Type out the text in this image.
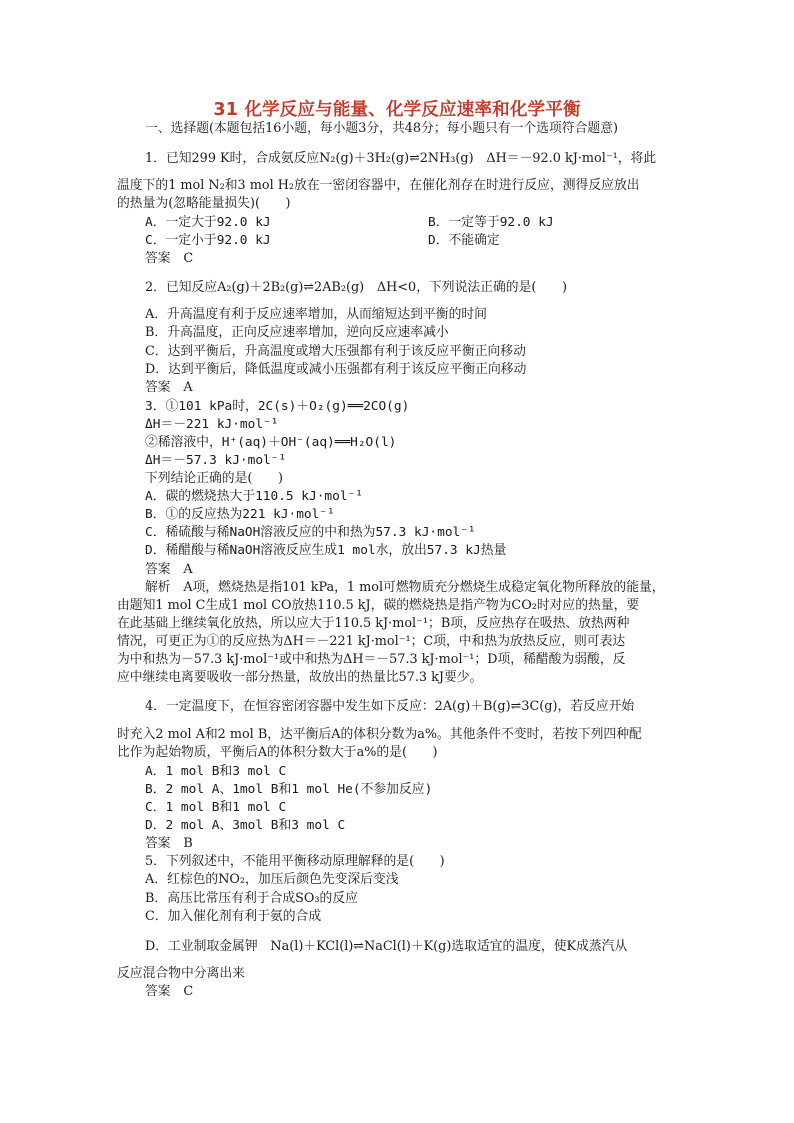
31 化学反应与能量、化学反应速率和化学平衡
一、选择题(本题包括16小题，每小题3分，共48分；每小题只有一个选项符合题意)
1．已知299 K时，合成氨反应N₂(g)＋3H₂(g)⇌2NH₃(g)　ΔH＝－92.0 kJ·mol⁻¹，将此
温度下的1 mol N₂和3 mol H₂放在一密闭容器中，在催化剂存在时进行反应，测得反应放出
的热量为(忽略能量损失)(　　)
A．一定大于92.0 kJ	B．一定等于92.0 kJ
C．一定小于92.0 kJ	D．不能确定
答案　C
2．已知反应A₂(g)＋2B₂(g)⇌2AB₂(g)　ΔH<0，下列说法正确的是(　　)
A．升高温度有利于反应速率增加，从而缩短达到平衡的时间
B．升高温度，正向反应速率增加，逆向反应速率减小
C．达到平衡后，升高温度或增大压强都有利于该反应平衡正向移动
D．达到平衡后，降低温度或减小压强都有利于该反应平衡正向移动
答案　A
3．①101 kPa时，2C(s)＋O₂(g)══2CO(g)
ΔH＝－221 kJ·mol⁻¹
②稀溶液中，H⁺(aq)＋OH⁻(aq)══H₂O(l)
ΔH＝－57.3 kJ·mol⁻¹
下列结论正确的是(　　)
A．碳的燃烧热大于110.5 kJ·mol⁻¹
B．①的反应热为221 kJ·mol⁻¹
C．稀硫酸与稀NaOH溶液反应的中和热为57.3 kJ·mol⁻¹
D．稀醋酸与稀NaOH溶液反应生成1 mol水，放出57.3 kJ热量
答案　A
解析　A项，燃烧热是指101 kPa，1 mol可燃物质充分燃烧生成稳定氧化物所释放的能量，
由题知1 mol C生成1 mol CO放热110.5 kJ，碳的燃烧热是指产物为CO₂时对应的热量，要
在此基础上继续氧化放热，所以应大于110.5 kJ·mol⁻¹；B项，反应热存在吸热、放热两种
情况，可更正为①的反应热为ΔH＝－221 kJ·mol⁻¹；C项，中和热为放热反应，则可表达
为中和热为－57.3 kJ·mol⁻¹或中和热为ΔH＝－57.3 kJ·mol⁻¹；D项，稀醋酸为弱酸，反
应中继续电离要吸收一部分热量，故放出的热量比57.3 kJ要少。
4．一定温度下，在恒容密闭容器中发生如下反应：2A(g)＋B(g)⇌3C(g)，若反应开始
时充入2 mol A和2 mol B，达平衡后A的体积分数为a%。其他条件不变时，若按下列四种配
比作为起始物质，平衡后A的体积分数大于a%的是(　　)
A．1 mol B和3 mol C
B．2 mol A、1mol B和1 mol He(不参加反应)
C．1 mol B和1 mol C
D．2 mol A、3mol B和3 mol C
答案　B
5．下列叙述中，不能用平衡移动原理解释的是(　　)
A．红棕色的NO₂，加压后颜色先变深后变浅
B．高压比常压有利于合成SO₃的反应
C．加入催化剂有利于氨的合成
D．工业制取金属钾　Na(l)＋KCl(l)⇌NaCl(l)＋K(g)选取适宜的温度，使K成蒸汽从
反应混合物中分离出来
答案　C
